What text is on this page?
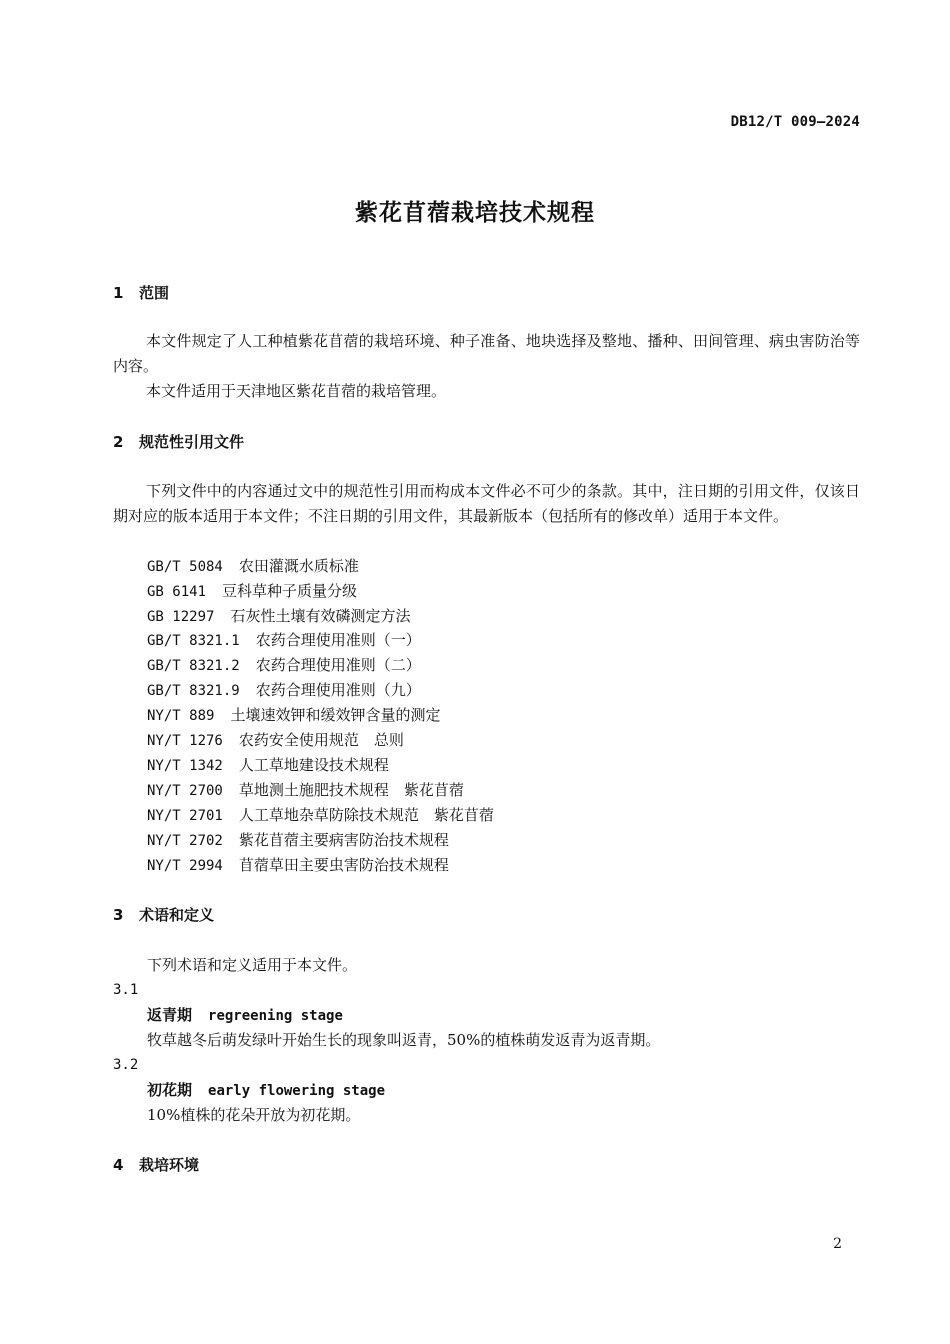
DB12/T 009—2024
紫花苜蓿栽培技术规程
1 范围
本文件规定了人工种植紫花苜蓿的栽培环境、种子准备、地块选择及整地、播种、田间管理、病虫害防治等内容。
本文件适用于天津地区紫花苜蓿的栽培管理。
2 规范性引用文件
下列文件中的内容通过文中的规范性引用而构成本文件必不可少的条款。其中，注日期的引用文件，仅该日期对应的版本适用于本文件；不注日期的引用文件，其最新版本（包括所有的修改单）适用于本文件。
GB/T 5084 农田灌溉水质标准
GB 6141 豆科草种子质量分级
GB 12297 石灰性土壤有效磷测定方法
GB/T 8321.1 农药合理使用准则（一）
GB/T 8321.2 农药合理使用准则（二）
GB/T 8321.9 农药合理使用准则（九）
NY/T 889 土壤速效钾和缓效钾含量的测定
NY/T 1276 农药安全使用规范　总则
NY/T 1342 人工草地建设技术规程
NY/T 2700 草地测土施肥技术规程　紫花苜蓿
NY/T 2701 人工草地杂草防除技术规范　紫花苜蓿
NY/T 2702 紫花苜蓿主要病害防治技术规程
NY/T 2994 苜蓿草田主要虫害防治技术规程
3 术语和定义
下列术语和定义适用于本文件。
3.1
返青期 regreening stage
牧草越冬后萌发绿叶开始生长的现象叫返青，50%的植株萌发返青为返青期。
3.2
初花期 early flowering stage
10%植株的花朵开放为初花期。
4 栽培环境
2
